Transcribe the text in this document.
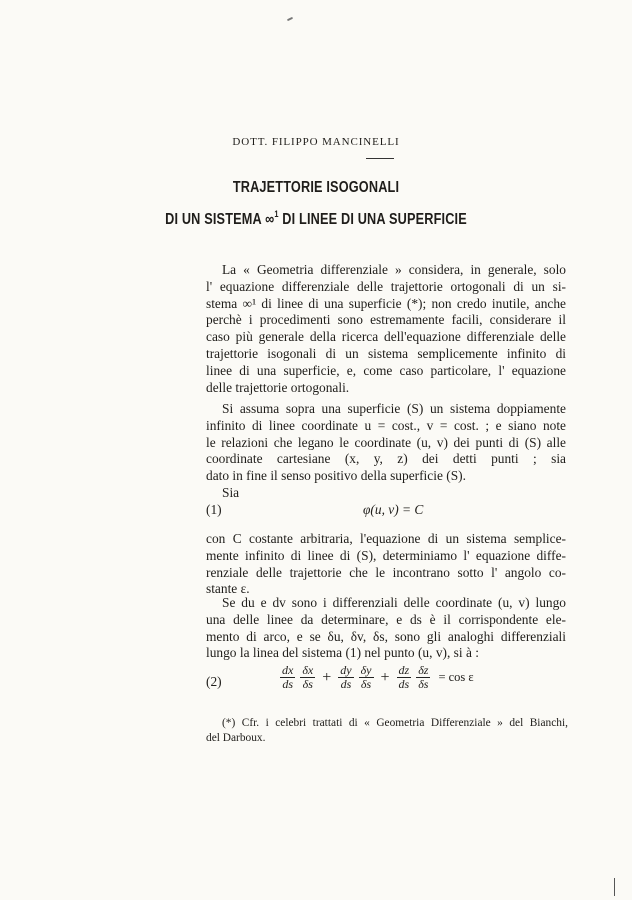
DOTT. FILIPPO MANCINELLI
TRAJETTORIE ISOGONALI
DI UN SISTEMA ∞$^1$ DI LINEE DI UNA SUPERFICIE
La « Geometria differenziale » considera, in generale, solo
l' equazione differenziale delle trajettorie ortogonali di un si-
stema ∞¹ di linee di una superficie (*); non credo inutile, anche
perchè i procedimenti sono estremamente facili, considerare il
caso più generale della ricerca dell'equazione differenziale delle
trajettorie isogonali di un sistema semplicemente infinito di
linee di una superficie, e, come caso particolare, l' equazione
delle trajettorie ortogonali.
Si assuma sopra una superficie (S) un sistema doppiamente
infinito di linee coordinate u = cost., v = cost. ; e siano note
le relazioni che legano le coordinate (u, v) dei punti di (S) alle
coordinate cartesiane (x, y, z) dei detti punti ; sia
dato in fine il senso positivo della superficie (S).
Sia
(1)	φ(u, v) = C
con C costante arbitraria, l'equazione di un sistema semplice-
mente infinito di linee di (S), determiniamo l' equazione diffe-
renziale delle trajettorie che le incontrano sotto l' angolo co-
stante ε.
Se du e dv sono i differenziali delle coordinate (u, v) lungo
una delle linee da determinare, e ds è il corrispondente ele-
mento di arco, e se δu, δv, δs, sono gli analoghi differenziali
lungo la linea del sistema (1) nel punto (u, v), si à :
(2)	$\frac{dx}{ds} \frac{\delta x}{\delta s} + \frac{dy}{ds} \frac{\delta y}{\delta s} + \frac{dz}{ds} \frac{\delta z}{\delta s} = \cos \varepsilon$
(*) Cfr. i celebri trattati di « Geometria Differenziale » del Bianchi,
del Darboux.
